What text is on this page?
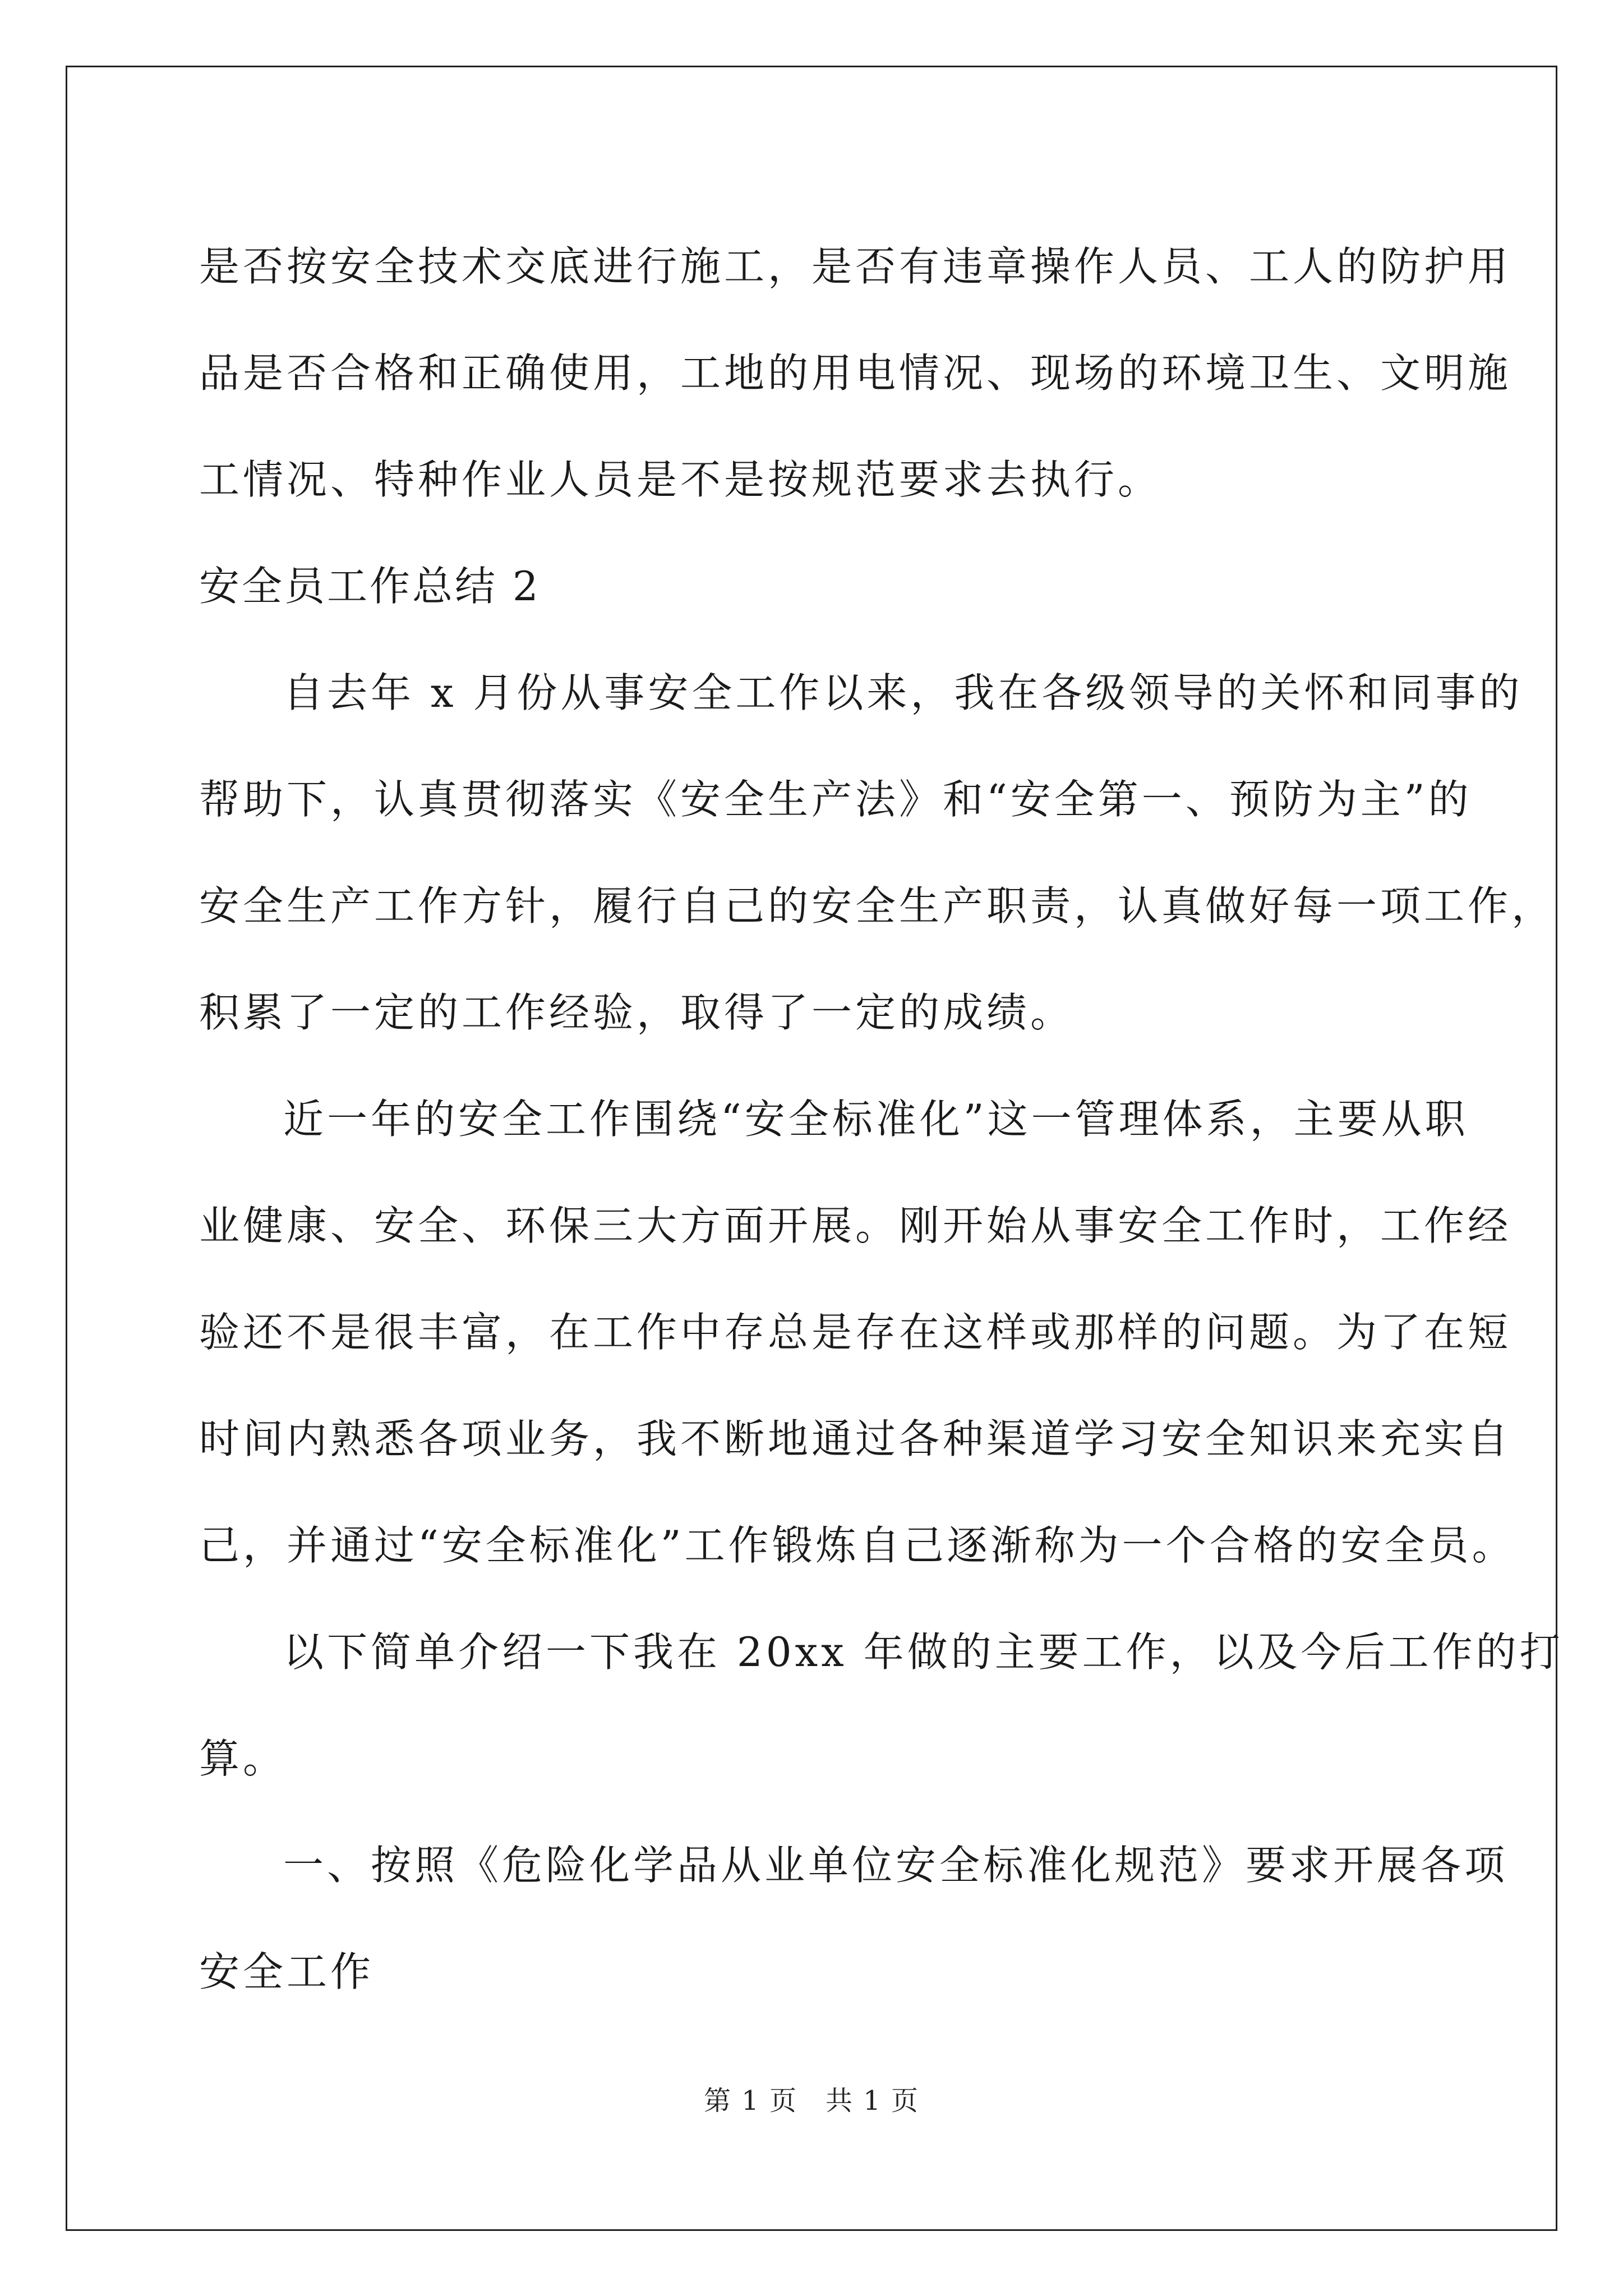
是否按安全技术交底进行施工，是否有违章操作人员、工人的防护用
品是否合格和正确使用，工地的用电情况、现场的环境卫生、文明施
工情况、特种作业人员是不是按规范要求去执行。
安全员工作总结 2
自去年 x 月份从事安全工作以来，我在各级领导的关怀和同事的
帮助下，认真贯彻落实《安全生产法》和“安全第一、预防为主”的
安全生产工作方针，履行自己的安全生产职责，认真做好每一项工作，
积累了一定的工作经验，取得了一定的成绩。
近一年的安全工作围绕“安全标准化”这一管理体系，主要从职
业健康、安全、环保三大方面开展。刚开始从事安全工作时，工作经
验还不是很丰富，在工作中存总是存在这样或那样的问题。为了在短
时间内熟悉各项业务，我不断地通过各种渠道学习安全知识来充实自
己，并通过“安全标准化”工作锻炼自己逐渐称为一个合格的安全员。
以下简单介绍一下我在 20xx 年做的主要工作，以及今后工作的打
算。
一、按照《危险化学品从业单位安全标准化规范》要求开展各项
安全工作
第 1 页　共 1 页
